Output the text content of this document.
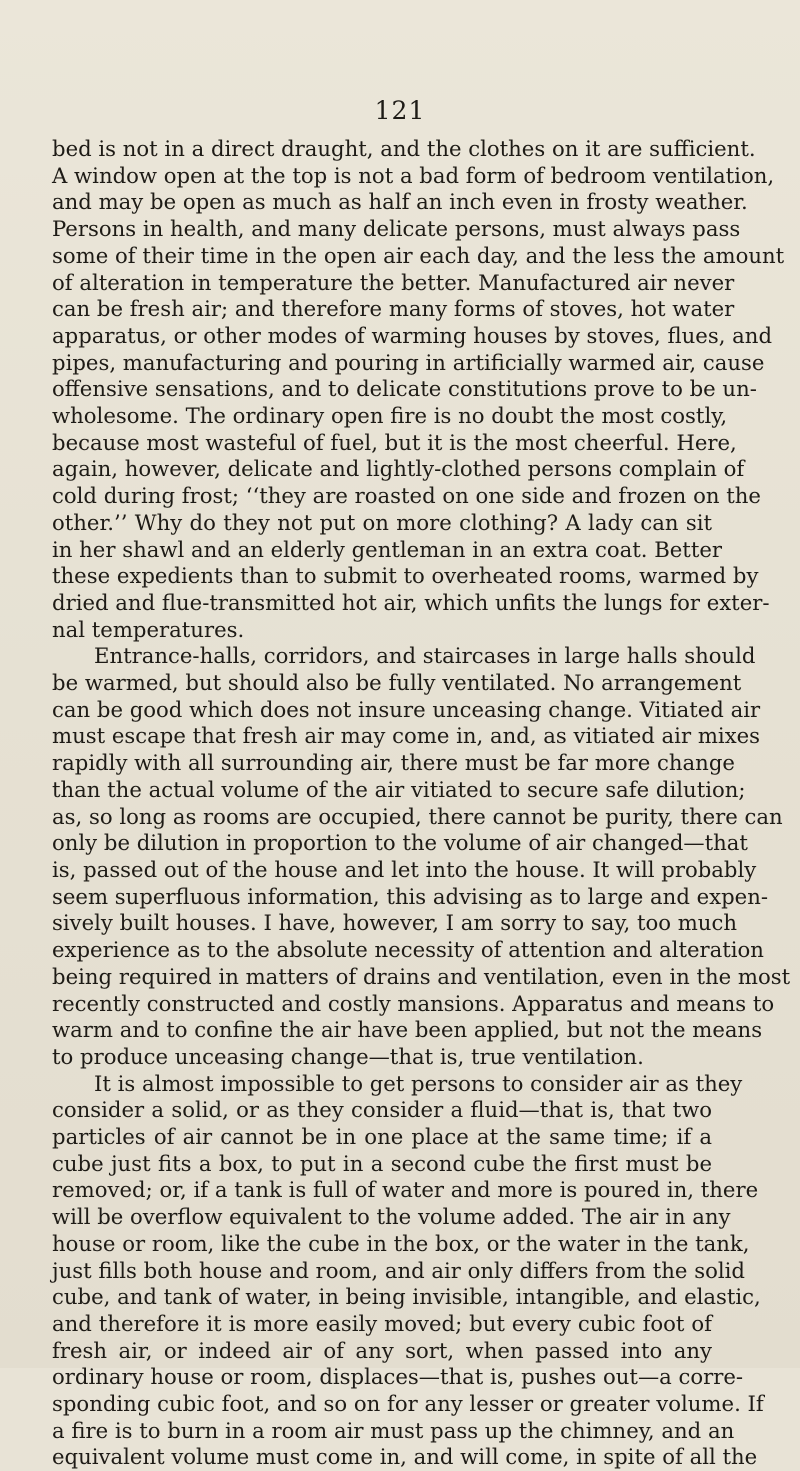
121

bed is not in a direct draught, and the clothes on it are sufficient.
A window open at the top is not a bad form of bedroom ventilation,
and may be open as much as half an inch even in frosty weather.
Persons in health, and many delicate persons, must always pass
some of their time in the open air each day, and the less the amount
of alteration in temperature the better. Manufactured air never
can be fresh air; and therefore many forms of stoves, hot water
apparatus, or other modes of warming houses by stoves, flues, and
pipes, manufacturing and pouring in artificially warmed air, cause
offensive sensations, and to delicate constitutions prove to be un-
wholesome. The ordinary open fire is no doubt the most costly,
because most wasteful of fuel, but it is the most cheerful. Here,
again, however, delicate and lightly-clothed persons complain of
cold during frost; ‘‘they are roasted on one side and frozen on the
other.’’ Why do they not put on more clothing? A lady can sit
in her shawl and an elderly gentleman in an extra coat. Better
these expedients than to submit to overheated rooms, warmed by
dried and flue-transmitted hot air, which unfits the lungs for exter-
nal temperatures.
Entrance-halls, corridors, and staircases in large halls should
be warmed, but should also be fully ventilated. No arrangement
can be good which does not insure unceasing change. Vitiated air
must escape that fresh air may come in, and, as vitiated air mixes
rapidly with all surrounding air, there must be far more change
than the actual volume of the air vitiated to secure safe dilution;
as, so long as rooms are occupied, there cannot be purity, there can
only be dilution in proportion to the volume of air changed—that
is, passed out of the house and let into the house. It will probably
seem superfluous information, this advising as to large and expen-
sively built houses. I have, however, I am sorry to say, too much
experience as to the absolute necessity of attention and alteration
being required in matters of drains and ventilation, even in the most
recently constructed and costly mansions. Apparatus and means to
warm and to confine the air have been applied, but not the means
to produce unceasing change—that is, true ventilation.
It is almost impossible to get persons to consider air as they
consider a solid, or as they consider a fluid—that is, that two
particles of air cannot be in one place at the same time; if a
cube just fits a box, to put in a second cube the first must be
removed; or, if a tank is full of water and more is poured in, there
will be overflow equivalent to the volume added. The air in any
house or room, like the cube in the box, or the water in the tank,
just fills both house and room, and air only differs from the solid
cube, and tank of water, in being invisible, intangible, and elastic,
and therefore it is more easily moved; but every cubic foot of
fresh air, or indeed air of any sort, when passed into any
ordinary house or room, displaces—that is, pushes out—a corre-
sponding cubic foot, and so on for any lesser or greater volume. If
a fire is to burn in a room air must pass up the chimney, and an
equivalent volume must come in, and will come, in spite of all the
